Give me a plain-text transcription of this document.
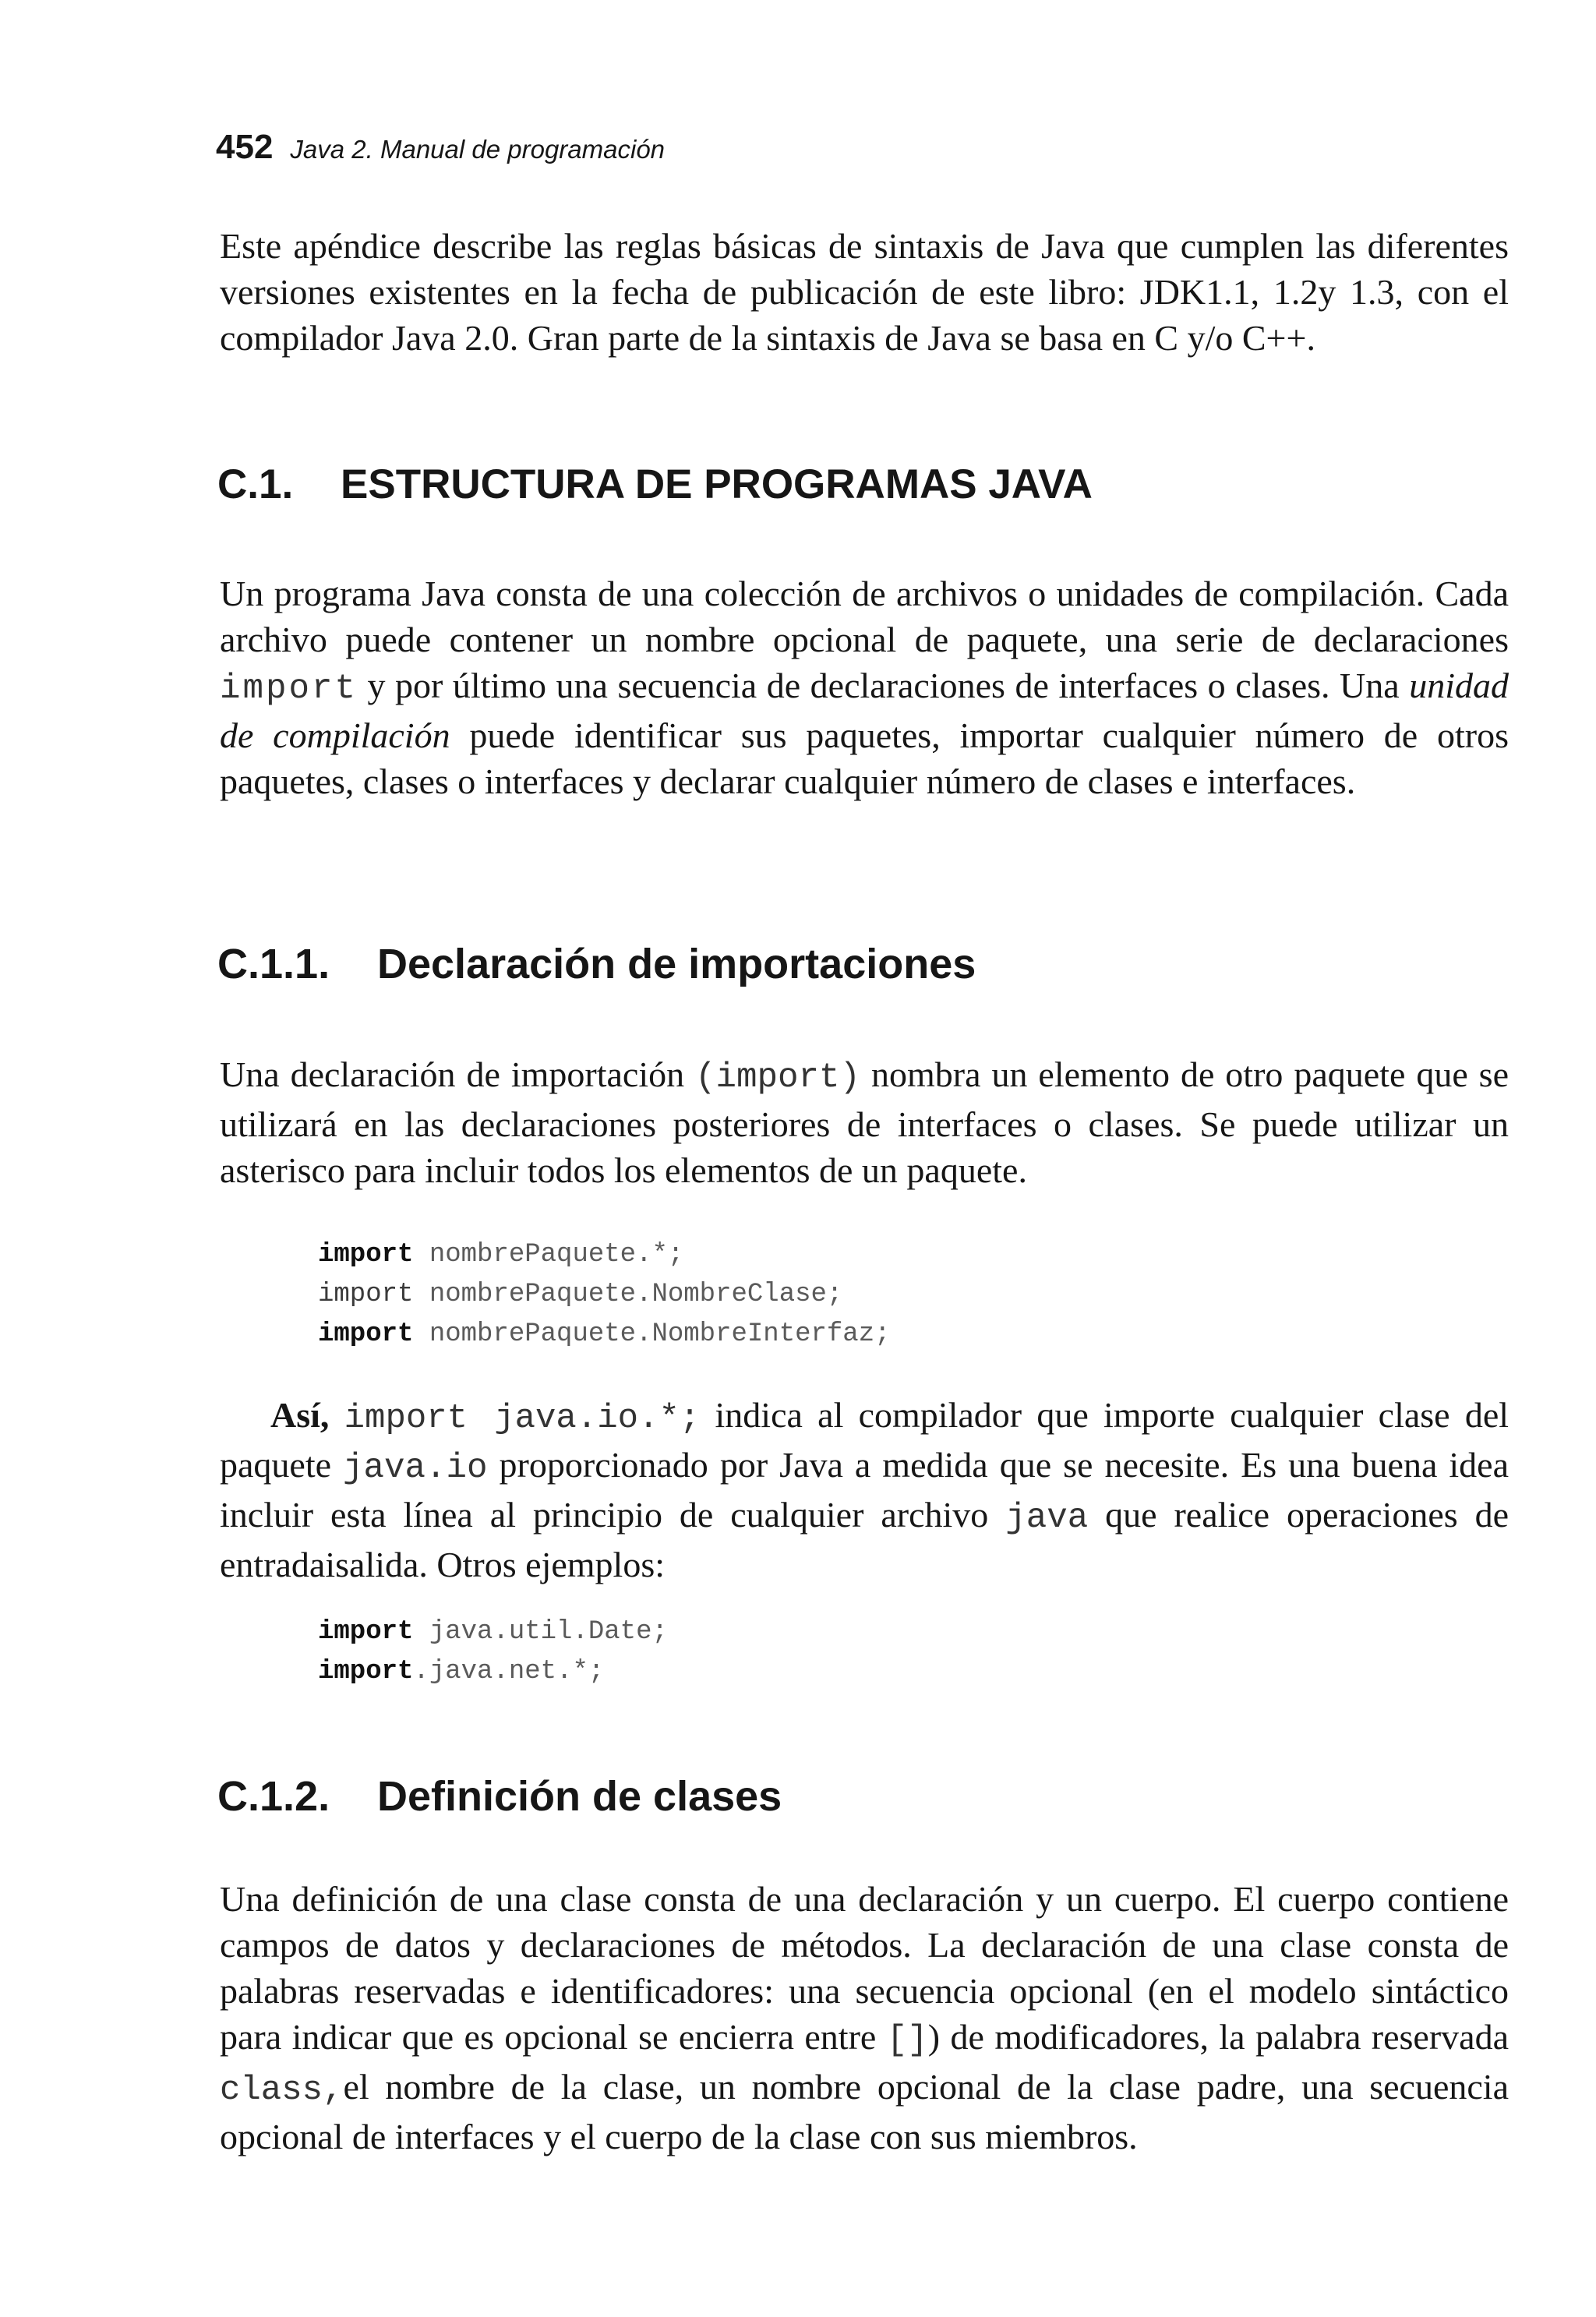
452 Java 2. Manual de programación

Este apéndice describe las reglas básicas de sintaxis de Java que cumplen las diferentes versiones existentes en la fecha de publicación de este libro: JDK1.1, 1.2y 1.3, con el compilador Java 2.0. Gran parte de la sintaxis de Java se basa en C y/o C++.

C.1. ESTRUCTURA DE PROGRAMAS JAVA

Un programa Java consta de una colección de archivos o unidades de compilación. Cada archivo puede contener un nombre opcional de paquete, una serie de declaraciones import y por último una secuencia de declaraciones de interfaces o clases. Una unidad de compilación puede identificar sus paquetes, importar cualquier número de otros paquetes, clases o interfaces y declarar cualquier número de clases e interfaces.

C.1.1. Declaración de importaciones

Una declaración de importación (import) nombra un elemento de otro paquete que se utilizará en las declaraciones posteriores de interfaces o clases. Se puede utilizar un asterisco para incluir todos los elementos de un paquete.

import nombrePaquete.*;
import nombrePaquete.NombreClase;
import nombrePaquete.NombreInterfaz;

Así, import java.io.*; indica al compilador que importe cualquier clase del paquete java.io proporcionado por Java a medida que se necesite. Es una buena idea incluir esta línea al principio de cualquier archivo java que realice operaciones de entradaisalida. Otros ejemplos:

import java.util.Date;
import.java.net.*;
C.1.2. Definición de clases

Una definición de una clase consta de una declaración y un cuerpo. El cuerpo contiene campos de datos y declaraciones de métodos. La declaración de una clase consta de palabras reservadas e identificadores: una secuencia opcional (en el modelo sintáctico para indicar que es opcional se encierra entre []) de modificadores, la palabra reservada class,el nombre de la clase, un nombre opcional de la clase padre, una secuencia opcional de interfaces y el cuerpo de la clase con sus miembros.
